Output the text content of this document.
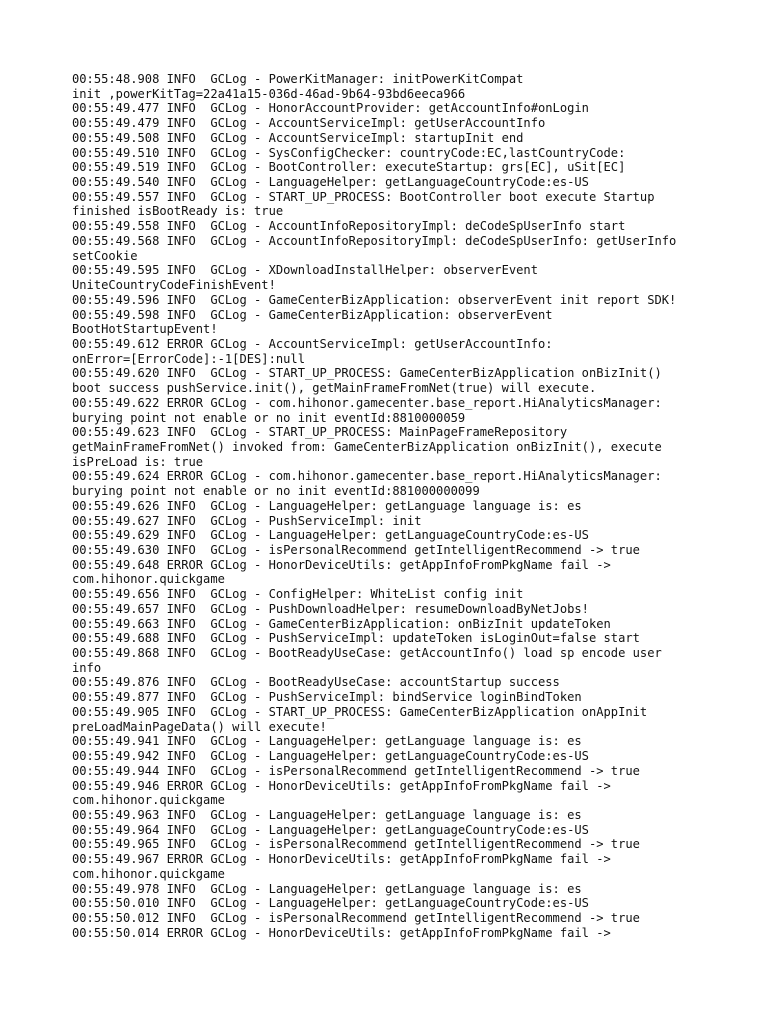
00:55:48.908 INFO  GCLog - PowerKitManager: initPowerKitCompat
init ,powerKitTag=22a41a15-036d-46ad-9b64-93bd6eeca966
00:55:49.477 INFO  GCLog - HonorAccountProvider: getAccountInfo#onLogin
00:55:49.479 INFO  GCLog - AccountServiceImpl: getUserAccountInfo
00:55:49.508 INFO  GCLog - AccountServiceImpl: startupInit end
00:55:49.510 INFO  GCLog - SysConfigChecker: countryCode:EC,lastCountryCode:
00:55:49.519 INFO  GCLog - BootController: executeStartup: grs[EC], uSit[EC]
00:55:49.540 INFO  GCLog - LanguageHelper: getLanguageCountryCode:es-US
00:55:49.557 INFO  GCLog - START_UP_PROCESS: BootController boot execute Startup
finished isBootReady is: true
00:55:49.558 INFO  GCLog - AccountInfoRepositoryImpl: deCodeSpUserInfo start
00:55:49.568 INFO  GCLog - AccountInfoRepositoryImpl: deCodeSpUserInfo: getUserInfo
setCookie
00:55:49.595 INFO  GCLog - XDownloadInstallHelper: observerEvent
UniteCountryCodeFinishEvent!
00:55:49.596 INFO  GCLog - GameCenterBizApplication: observerEvent init report SDK!
00:55:49.598 INFO  GCLog - GameCenterBizApplication: observerEvent
BootHotStartupEvent!
00:55:49.612 ERROR GCLog - AccountServiceImpl: getUserAccountInfo:
onError=[ErrorCode]:-1[DES]:null
00:55:49.620 INFO  GCLog - START_UP_PROCESS: GameCenterBizApplication onBizInit()
boot success pushService.init(), getMainFrameFromNet(true) will execute.
00:55:49.622 ERROR GCLog - com.hihonor.gamecenter.base_report.HiAnalyticsManager:
burying point not enable or no init eventId:8810000059
00:55:49.623 INFO  GCLog - START_UP_PROCESS: MainPageFrameRepository
getMainFrameFromNet() invoked from: GameCenterBizApplication onBizInit(), execute
isPreLoad is: true
00:55:49.624 ERROR GCLog - com.hihonor.gamecenter.base_report.HiAnalyticsManager:
burying point not enable or no init eventId:881000000099
00:55:49.626 INFO  GCLog - LanguageHelper: getLanguage language is: es
00:55:49.627 INFO  GCLog - PushServiceImpl: init
00:55:49.629 INFO  GCLog - LanguageHelper: getLanguageCountryCode:es-US
00:55:49.630 INFO  GCLog - isPersonalRecommend getIntelligentRecommend -> true
00:55:49.648 ERROR GCLog - HonorDeviceUtils: getAppInfoFromPkgName fail ->
com.hihonor.quickgame
00:55:49.656 INFO  GCLog - ConfigHelper: WhiteList config init
00:55:49.657 INFO  GCLog - PushDownloadHelper: resumeDownloadByNetJobs!
00:55:49.663 INFO  GCLog - GameCenterBizApplication: onBizInit updateToken
00:55:49.688 INFO  GCLog - PushServiceImpl: updateToken isLoginOut=false start
00:55:49.868 INFO  GCLog - BootReadyUseCase: getAccountInfo() load sp encode user
info
00:55:49.876 INFO  GCLog - BootReadyUseCase: accountStartup success
00:55:49.877 INFO  GCLog - PushServiceImpl: bindService loginBindToken
00:55:49.905 INFO  GCLog - START_UP_PROCESS: GameCenterBizApplication onAppInit
preLoadMainPageData() will execute!
00:55:49.941 INFO  GCLog - LanguageHelper: getLanguage language is: es
00:55:49.942 INFO  GCLog - LanguageHelper: getLanguageCountryCode:es-US
00:55:49.944 INFO  GCLog - isPersonalRecommend getIntelligentRecommend -> true
00:55:49.946 ERROR GCLog - HonorDeviceUtils: getAppInfoFromPkgName fail ->
com.hihonor.quickgame
00:55:49.963 INFO  GCLog - LanguageHelper: getLanguage language is: es
00:55:49.964 INFO  GCLog - LanguageHelper: getLanguageCountryCode:es-US
00:55:49.965 INFO  GCLog - isPersonalRecommend getIntelligentRecommend -> true
00:55:49.967 ERROR GCLog - HonorDeviceUtils: getAppInfoFromPkgName fail ->
com.hihonor.quickgame
00:55:49.978 INFO  GCLog - LanguageHelper: getLanguage language is: es
00:55:50.010 INFO  GCLog - LanguageHelper: getLanguageCountryCode:es-US
00:55:50.012 INFO  GCLog - isPersonalRecommend getIntelligentRecommend -> true
00:55:50.014 ERROR GCLog - HonorDeviceUtils: getAppInfoFromPkgName fail ->
